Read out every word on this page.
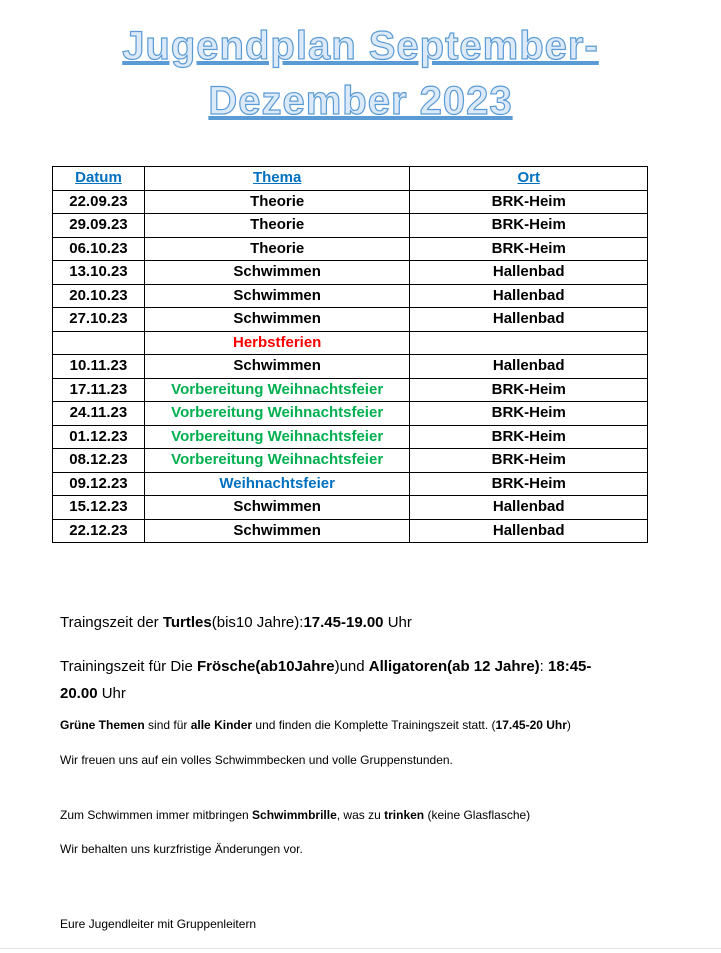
Jugendplan September-
Dezember 2023
Datum	Thema	Ort
22.09.23	Theorie	BRK-Heim
29.09.23	Theorie	BRK-Heim
06.10.23	Theorie	BRK-Heim
13.10.23	Schwimmen	Hallenbad
20.10.23	Schwimmen	Hallenbad
27.10.23	Schwimmen	Hallenbad
	Herbstferien	
10.11.23	Schwimmen	Hallenbad
17.11.23	Vorbereitung Weihnachtsfeier	BRK-Heim
24.11.23	Vorbereitung Weihnachtsfeier	BRK-Heim
01.12.23	Vorbereitung Weihnachtsfeier	BRK-Heim
08.12.23	Vorbereitung Weihnachtsfeier	BRK-Heim
09.12.23	Weihnachtsfeier	BRK-Heim
15.12.23	Schwimmen	Hallenbad
22.12.23	Schwimmen	Hallenbad
Traingszeit der Turtles(bis10 Jahre):17.45-19.00 Uhr
Trainingszeit für Die Frösche(ab10Jahre)und Alligatoren(ab 12 Jahre): 18:45-
20.00 Uhr
Grüne Themen sind für alle Kinder und finden die Komplette Trainingszeit statt. (17.45-20 Uhr)
Wir freuen uns auf ein volles Schwimmbecken und volle Gruppenstunden.
Zum Schwimmen immer mitbringen Schwimmbrille, was zu trinken (keine Glasflasche)
Wir behalten uns kurzfristige Änderungen vor.
Eure Jugendleiter mit Gruppenleitern
